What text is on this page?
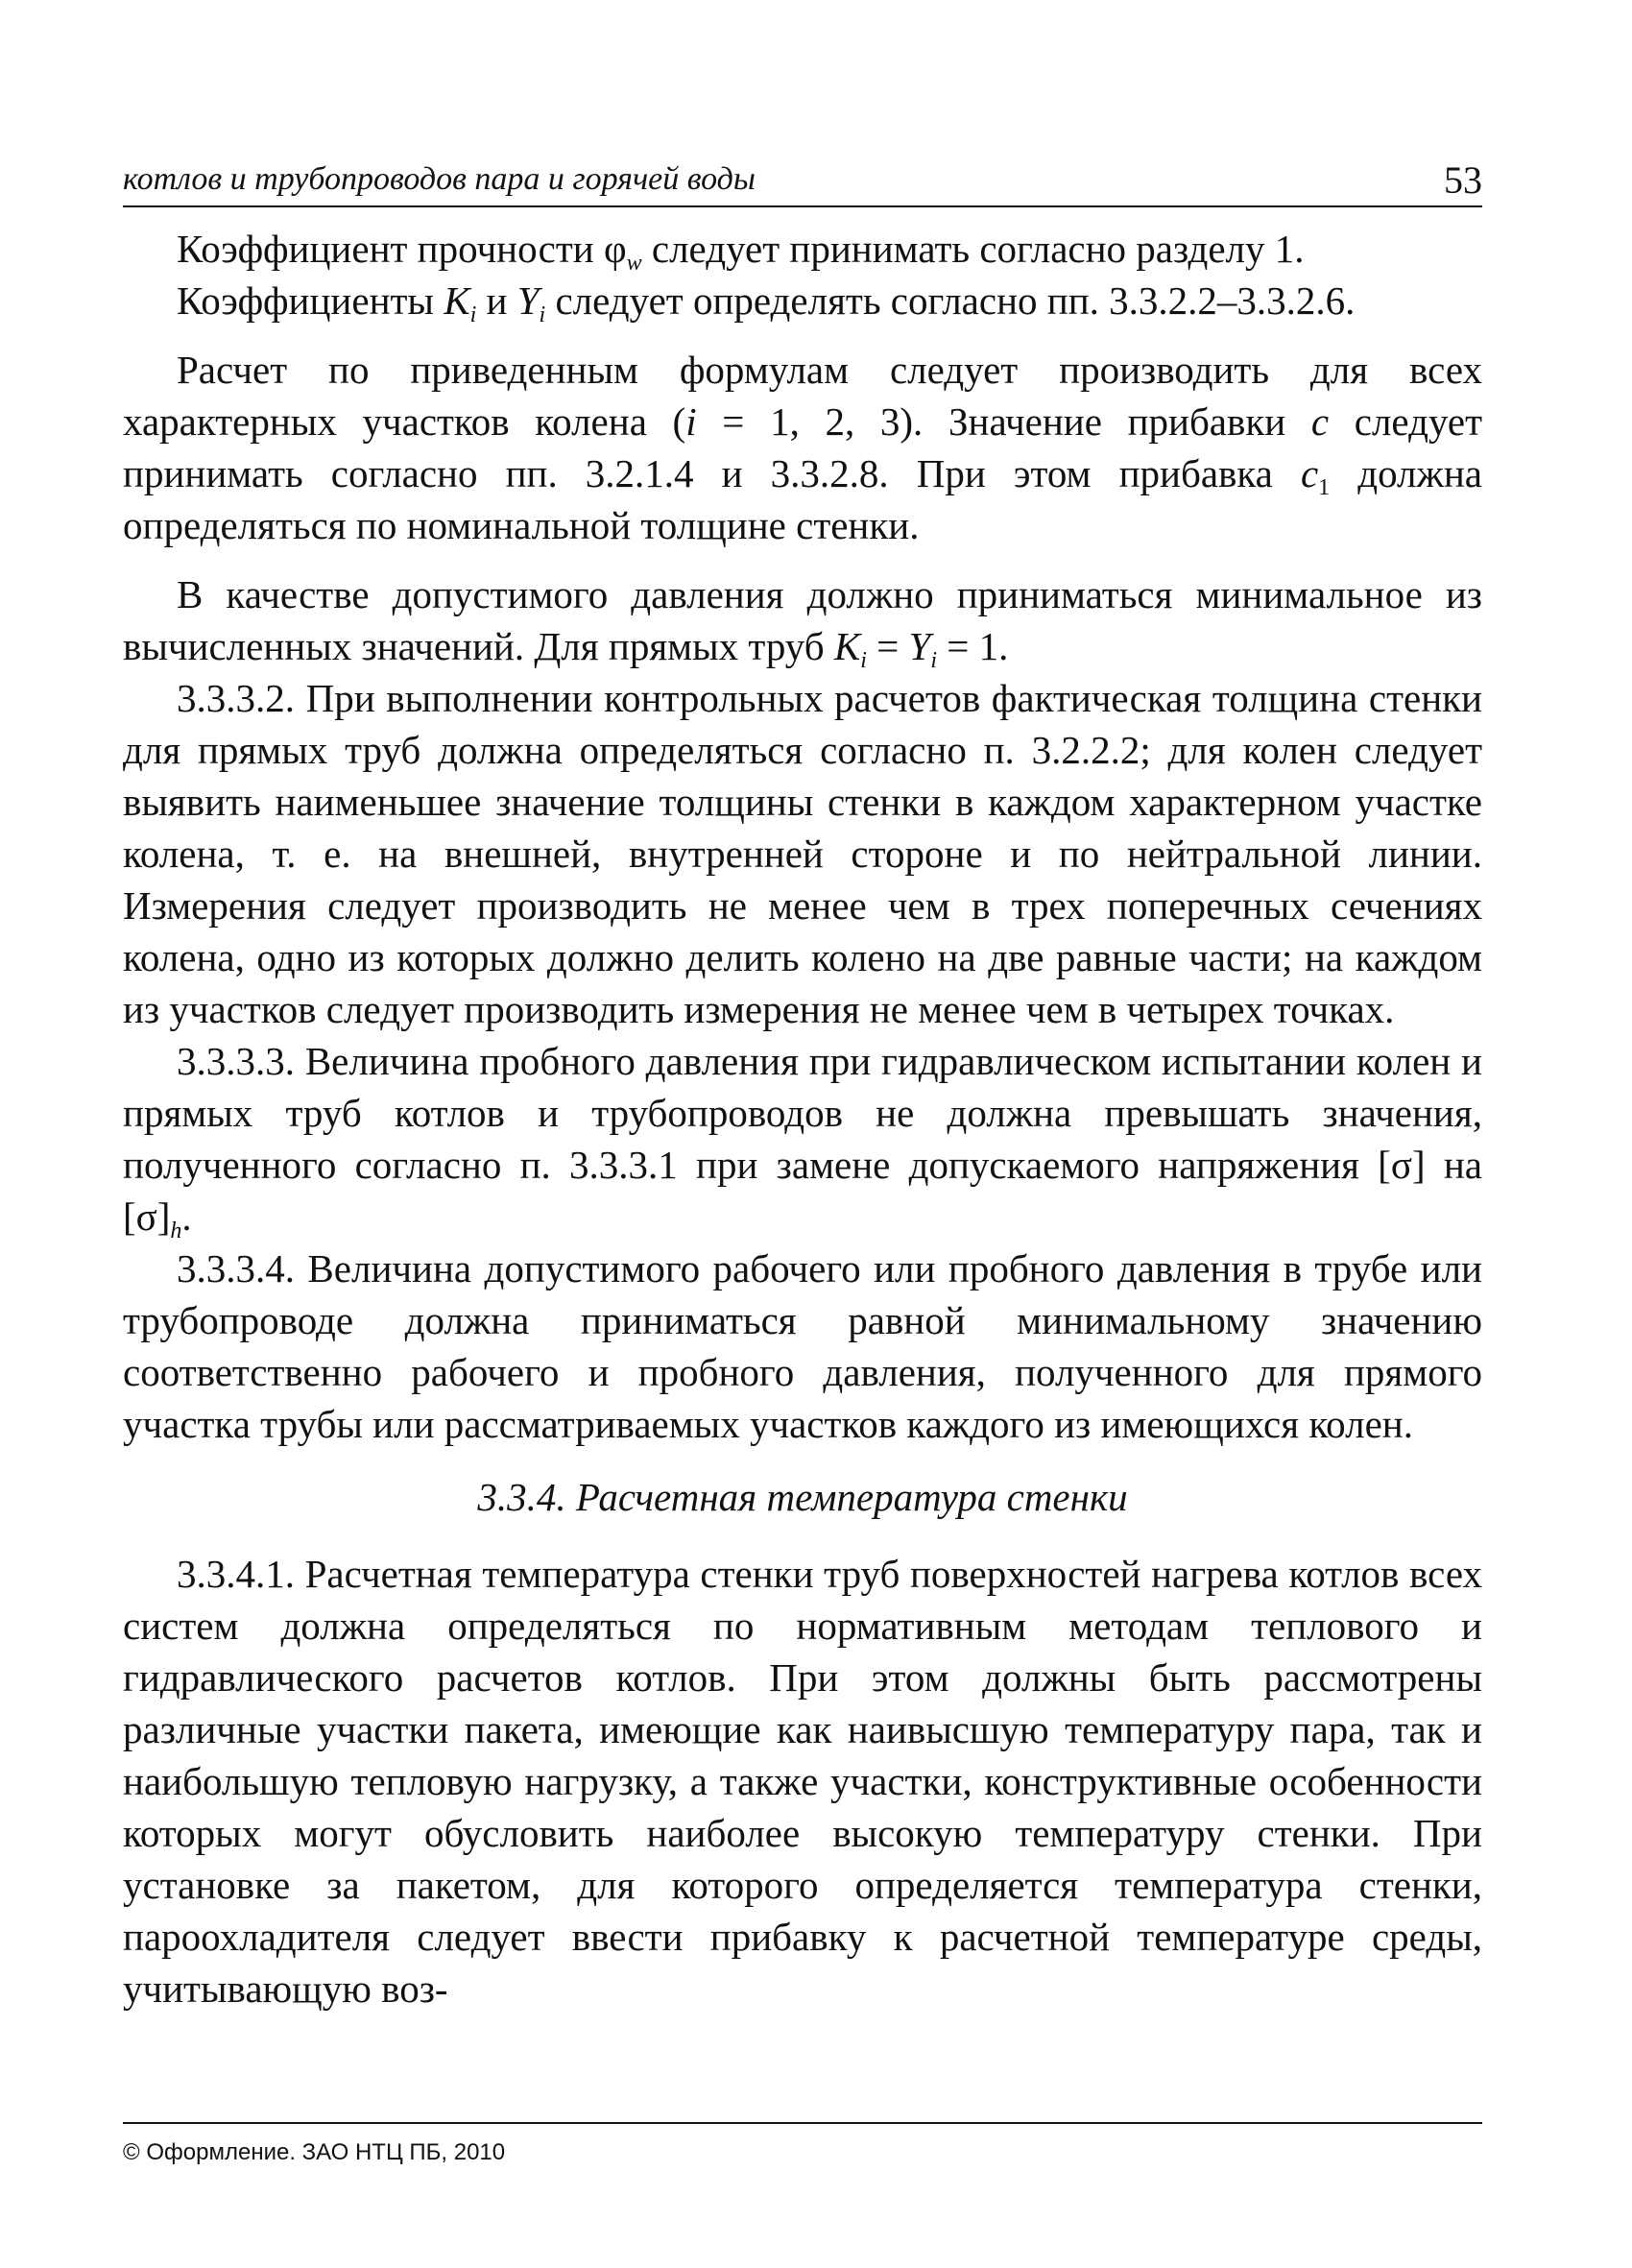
котлов и трубопроводов пара и горячей воды	53

Коэффициент прочности $\varphi_w$ следует принимать согласно разделу 1.

Коэффициенты $K_i$ и $Y_i$ следует определять согласно пп. 3.3.2.2–3.3.2.6.

Расчет по приведенным формулам следует производить для всех характерных участков колена (i = 1, 2, 3). Значение прибавки c следует принимать согласно пп. 3.2.1.4 и 3.3.2.8. При этом прибавка $c_1$ должна определяться по номинальной толщине стенки.

В качестве допустимого давления должно приниматься минимальное из вычисленных значений. Для прямых труб $K_i = Y_i = 1$.

3.3.3.2. При выполнении контрольных расчетов фактическая толщина стенки для прямых труб должна определяться согласно п. 3.2.2.2; для колен следует выявить наименьшее значение толщины стенки в каждом характерном участке колена, т. е. на внешней, внутренней стороне и по нейтральной линии. Измерения следует производить не менее чем в трех поперечных сечениях колена, одно из которых должно делить колено на две равные части; на каждом из участков следует производить измерения не менее чем в четырех точках.

3.3.3.3. Величина пробного давления при гидравлическом испытании колен и прямых труб котлов и трубопроводов не должна превышать значения, полученного согласно п. 3.3.3.1 при замене допускаемого напряжения [σ] на $[\sigma]_h$.

3.3.3.4. Величина допустимого рабочего или пробного давления в трубе или трубопроводе должна приниматься равной минимальному значению соответственно рабочего и пробного давления, полученного для прямого участка трубы или рассматриваемых участков каждого из имеющихся колен.

3.3.4. Расчетная температура стенки

3.3.4.1. Расчетная температура стенки труб поверхностей нагрева котлов всех систем должна определяться по нормативным методам теплового и гидравлического расчетов котлов. При этом должны быть рассмотрены различные участки пакета, имеющие как наивысшую температуру пара, так и наибольшую тепловую нагрузку, а также участки, конструктивные особенности которых могут обусловить наиболее высокую температуру стенки. При установке за пакетом, для которого определяется температура стенки, пароохладителя следует ввести прибавку к расчетной температуре среды, учитывающую воз-

© Оформление. ЗАО НТЦ ПБ, 2010
